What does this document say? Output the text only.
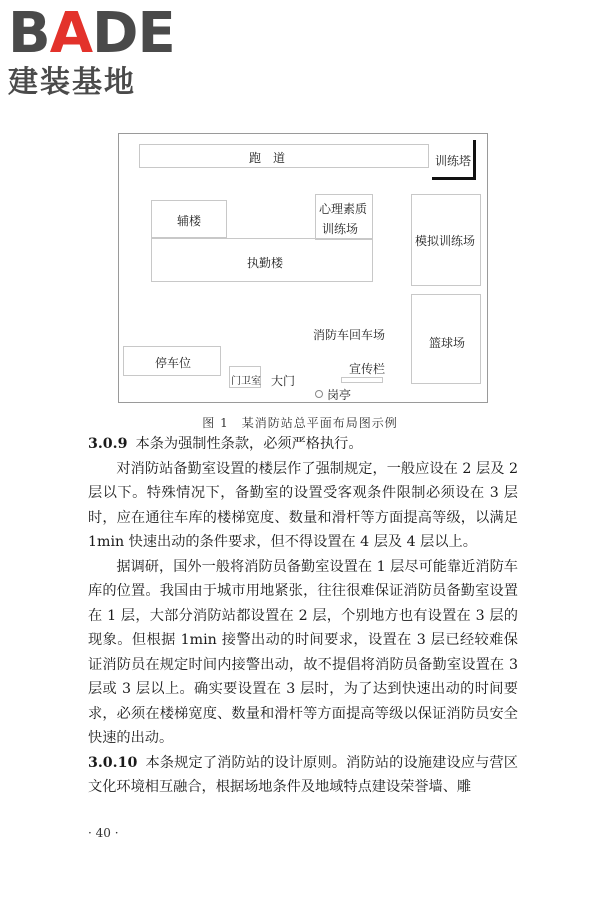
BADE
建装基地
跑　道	训练塔
辅楼
心理素质
训练场
模拟训练场
执勤楼
消防车回车场
篮球场
停车位
门卫室 大门
宣传栏
岗亭
图 1　某消防站总平面布局图示例

3.0.9 本条为强制性条款，必须严格执行。

对消防站备勤室设置的楼层作了强制规定，一般应设在 2 层及 2 层以下。特殊情况下，备勤室的设置受客观条件限制必须设在 3 层时，应在通往车库的楼梯宽度、数量和滑杆等方面提高等级，以满足 1min 快速出动的条件要求，但不得设置在 4 层及 4 层以上。

据调研，国外一般将消防员备勤室设置在 1 层尽可能靠近消防车库的位置。我国由于城市用地紧张，往往很难保证消防员备勤室设置在 1 层，大部分消防站都设置在 2 层，个别地方也有设置在 3 层的现象。但根据 1min 接警出动的时间要求，设置在 3 层已经较难保证消防员在规定时间内接警出动，故不提倡将消防员备勤室设置在 3 层或 3 层以上。确实要设置在 3 层时，为了达到快速出动的时间要求，必须在楼梯宽度、数量和滑杆等方面提高等级以保证消防员安全快速的出动。

3.0.10 本条规定了消防站的设计原则。消防站的设施建设应与营区文化环境相互融合，根据场地条件及地域特点建设荣誉墙、雕

· 40 ·
